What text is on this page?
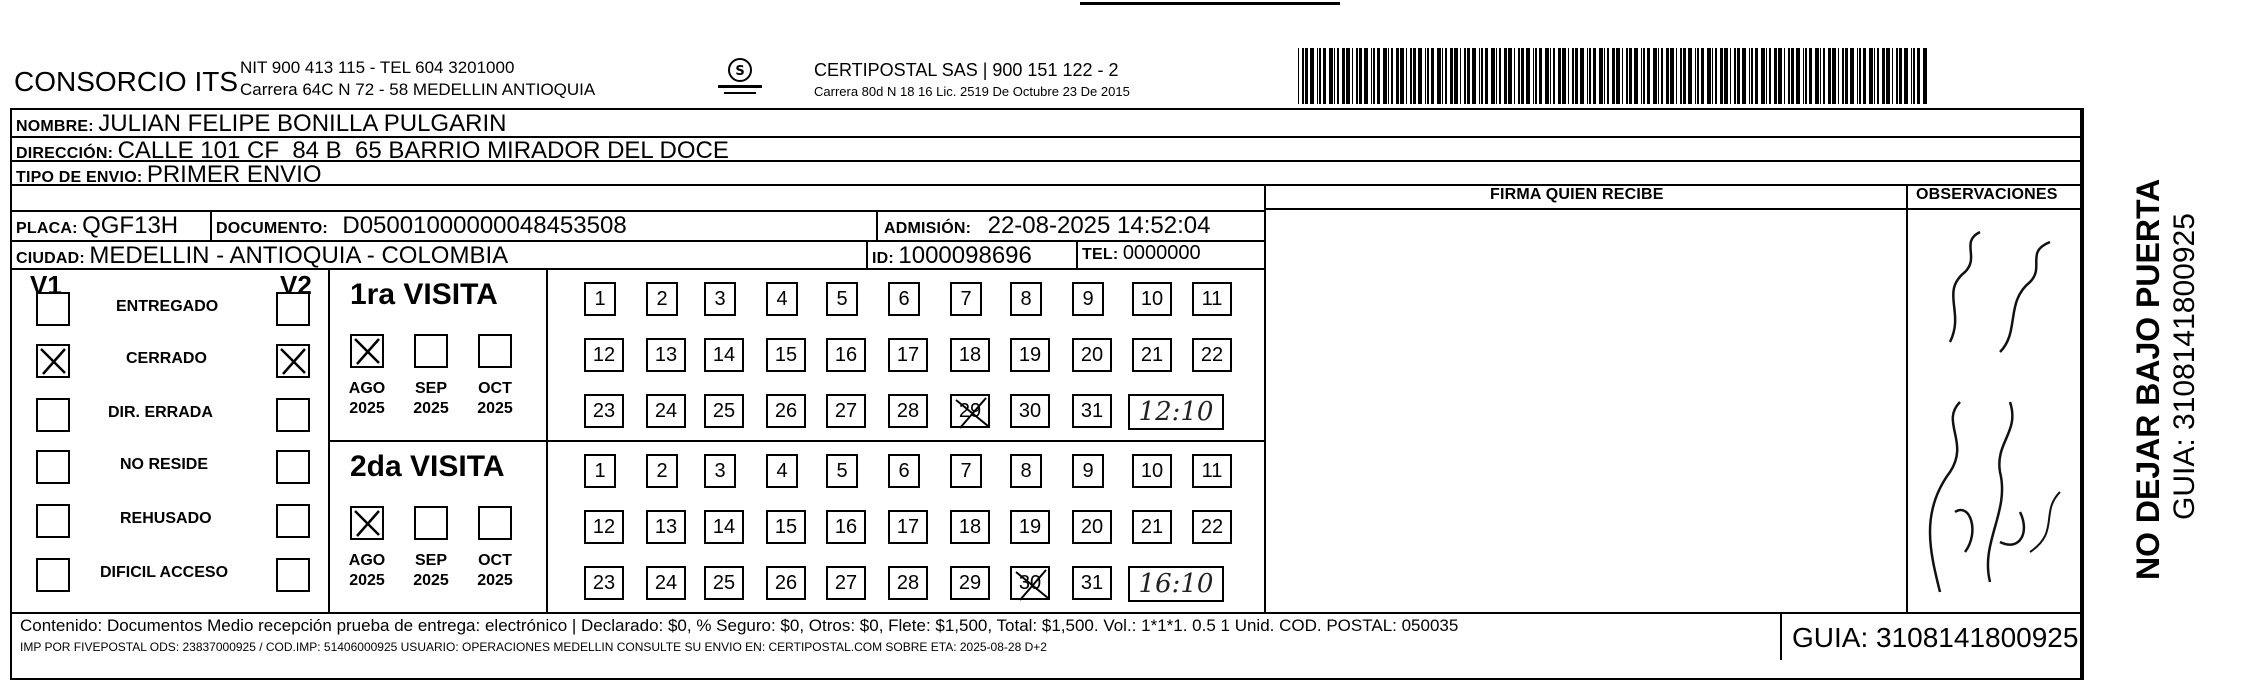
CONSORCIO ITS NIT 900 413 115 - TEL 604 3201000
Carrera 64C N 72 - 58 MEDELLIN ANTIOQUIA
S	CERTIPOSTAL SAS | 900 151 122 - 2
Carrera 80d N 18 16 Lic. 2519 De Octubre 23 De 2015
NOMBRE: JULIAN FELIPE BONILLA PULGARIN
DIRECCIÓN: CALLE 101 CF  84 B  65 BARRIO MIRADOR DEL DOCE
TIPO DE ENVIO: PRIMER ENVIO
FIRMA QUIEN RECIBE	OBSERVACIONES
PLACA: QGF13H DOCUMENTO: D05001000000048453508	ADMISIÓN: 22-08-2025 14:52:04
CIUDAD: MEDELLIN - ANTIOQUIA - COLOMBIA	ID: 1000098696	TEL: 0000000
V1	V2
Contenido: Documentos Medio recepción prueba de entrega: electrónico | Declarado: $0, % Seguro: $0, Otros: $0, Flete: $1,500, Total: $1,500. Vol.: 1*1*1. 0.5 1 Unid. COD. POSTAL: 050035
IMP POR FIVEPOSTAL ODS: 23837000925 / COD.IMP: 51406000925 USUARIO: OPERACIONES MEDELLIN CONSULTE SU ENVIO EN: CERTIPOSTAL.COM SOBRE ETA: 2025-08-28 D+2	GUIA: 3108141800925
NO DEJAR BAJO PUERTA GUIA: 3108141800925
ENTREGADO
CERRADO
DIR. ERRADA
NO RESIDE
REHUSADO
DIFICIL ACCESO
1ra VISITA
AGO
2025
SEP
2025
OCT
2025
1	2	3	4	5	6	7	8	9	10	11
12	13	14	15	16	17	18	19	20	21	22
23	24	25	26	27	28	29	30	31	12:10
2da VISITA
AGO
2025
SEP
2025
OCT
2025
1	2	3	4	5	6	7	8	9	10	11
12	13	14	15	16	17	18	19	20	21	22
23	24	25	26	27	28	29	30	31	16:10
